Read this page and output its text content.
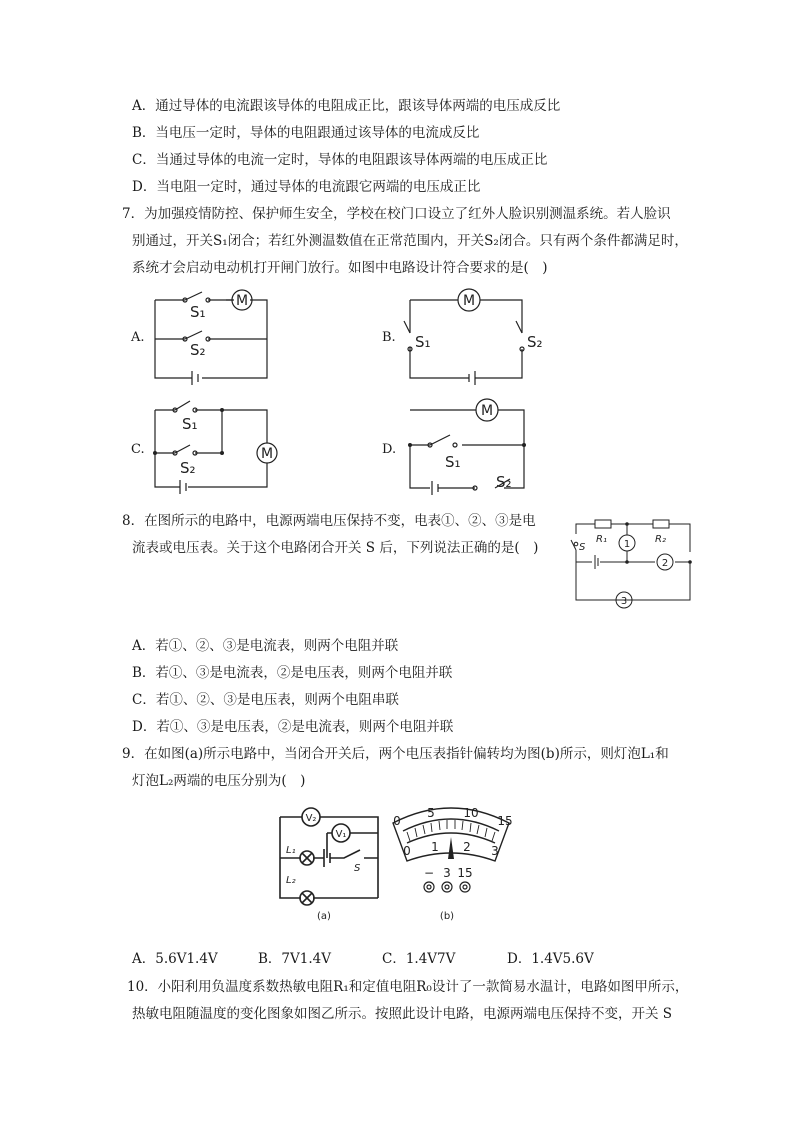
A．通过导体的电流跟该导体的电阻成正比，跟该导体两端的电压成反比
B．当电压一定时，导体的电阻跟通过该导体的电流成反比
C．当通过导体的电流一定时，导体的电阻跟该导体两端的电压成正比
D．当电阻一定时，通过导体的电流跟它两端的电压成正比
7．为加强疫情防控、保护师生安全，学校在校门口设立了红外人脸识别测温系统。若人脸识
别通过，开关S₁闭合；若红外测温数值在正常范围内，开关S₂闭合。只有两个条件都满足时，
系统才会启动电动机打开闸门放行。如图中电路设计符合要求的是(　)
A.
M
S₁
S₂
B.
M
S₁	S₂
C.	M
S₁
S₂
D.
M
S₁
S₂
8．在图所示的电路中，电源两端电压保持不变，电表①、②、③是电
流表或电压表。关于这个电路闭合开关 S 后，下列说法正确的是(　)	S
R₁	R₂
1
2
3
A．若①、②、③是电流表，则两个电阻并联
B．若①、③是电流表，②是电压表，则两个电阻并联
C．若①、②、③是电压表，则两个电阻串联
D．若①、③是电压表，②是电流表，则两个电阻并联
9．在如图(a)所示电路中，当闭合开关后，两个电压表指针偏转均为图(b)所示，则灯泡L₁和
灯泡L₂两端的电压分别为(　)
V₂
V₁
L₁
L₂
S
(a)
0
5 10
15
0 1 2 3
− 3 15
(b)
A．5.6V1.4V	B．7V1.4V	C．1.4V7V	D．1.4V5.6V
10．小阳利用负温度系数热敏电阻R₁和定值电阻R₀设计了一款简易水温计，电路如图甲所示，
热敏电阻随温度的变化图象如图乙所示。按照此设计电路，电源两端电压保持不变，开关 S
